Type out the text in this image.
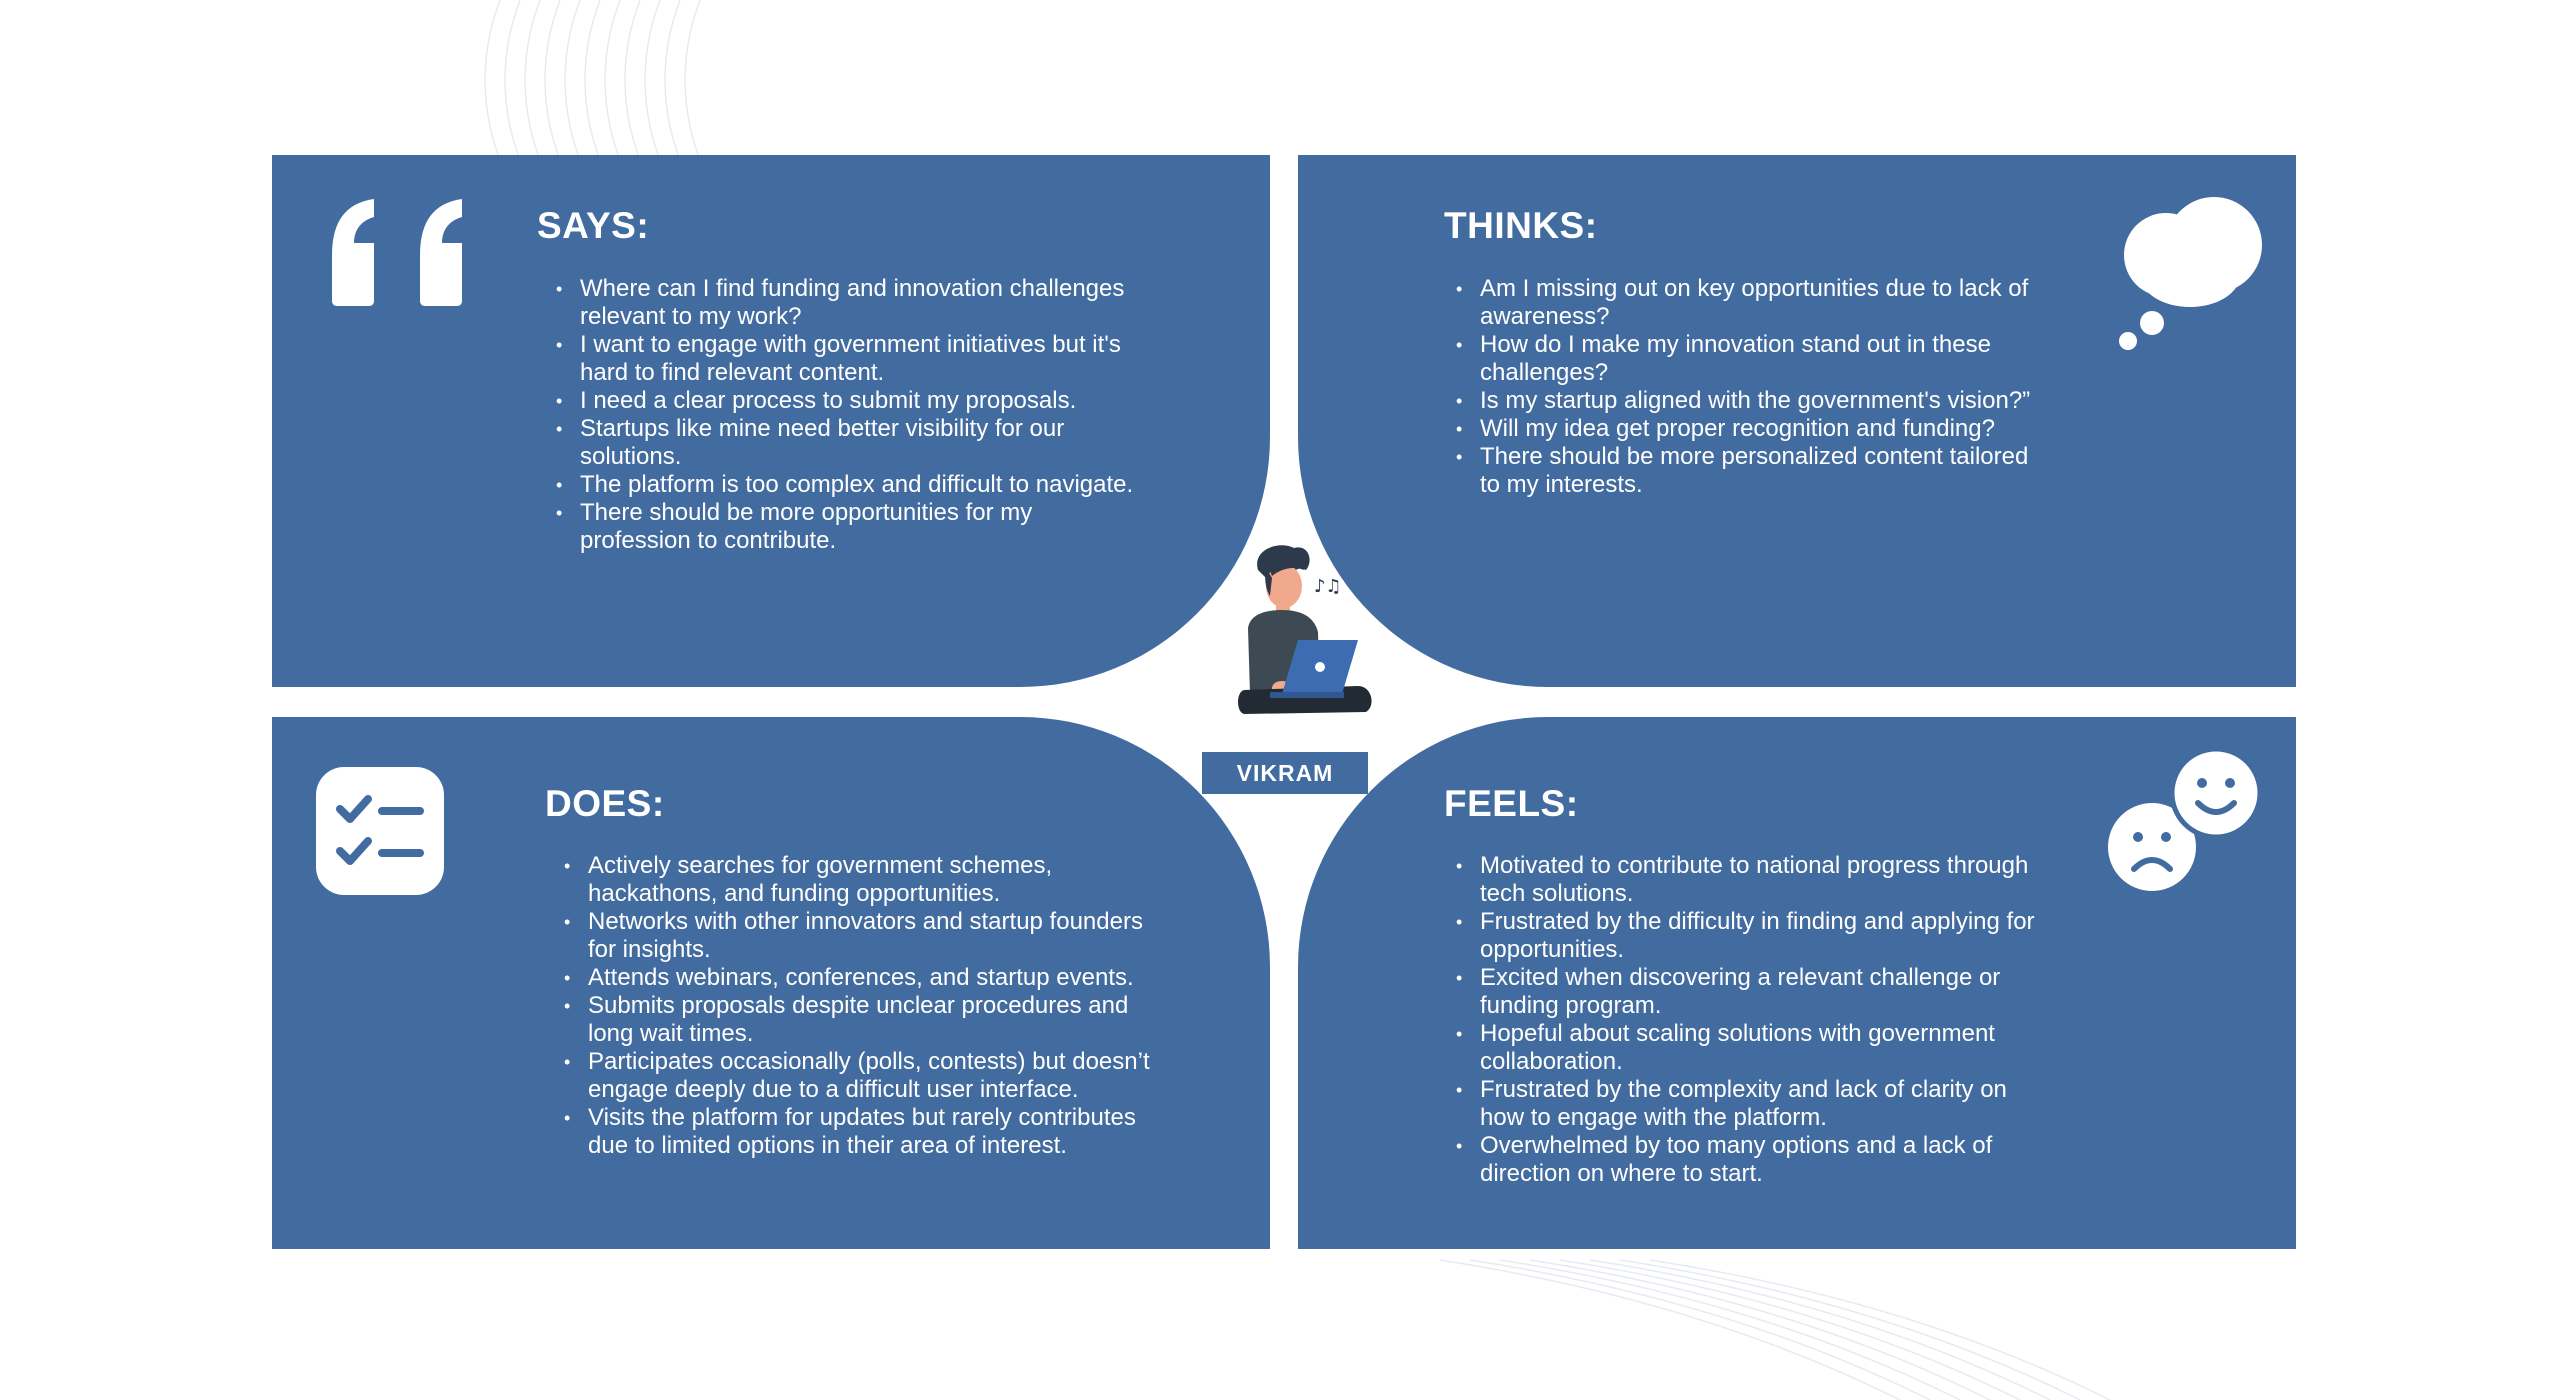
SAYS:
• Where can I find funding and innovation challenges relevant to my work?
• I want to engage with government initiatives but it's hard to find relevant content.
• I need a clear process to submit my proposals.
• Startups like mine need better visibility for our solutions.
• The platform is too complex and difficult to navigate.
• There should be more opportunities for my profession to contribute.
THINKS:
• Am I missing out on key opportunities due to lack of awareness?
• How do I make my innovation stand out in these challenges?
• Is my startup aligned with the government's vision?”
• Will my idea get proper recognition and funding?
• There should be more personalized content tailored to my interests.
DOES:
• Actively searches for government schemes, hackathons, and funding opportunities.
• Networks with other innovators and startup founders for insights.
• Attends webinars, conferences, and startup events.
• Submits proposals despite unclear procedures and long wait times.
• Participates occasionally (polls, contests) but doesn’t engage deeply due to a difficult user interface.
• Visits the platform for updates but rarely contributes due to limited options in their area of interest.
FEELS:
• Motivated to contribute to national progress through tech solutions.
• Frustrated by the difficulty in finding and applying for opportunities.
• Excited when discovering a relevant challenge or funding program.
• Hopeful about scaling solutions with government collaboration.
• Frustrated by the complexity and lack of clarity on how to engage with the platform.
• Overwhelmed by too many options and a lack of direction on where to start.
♪♫
VIKRAM
